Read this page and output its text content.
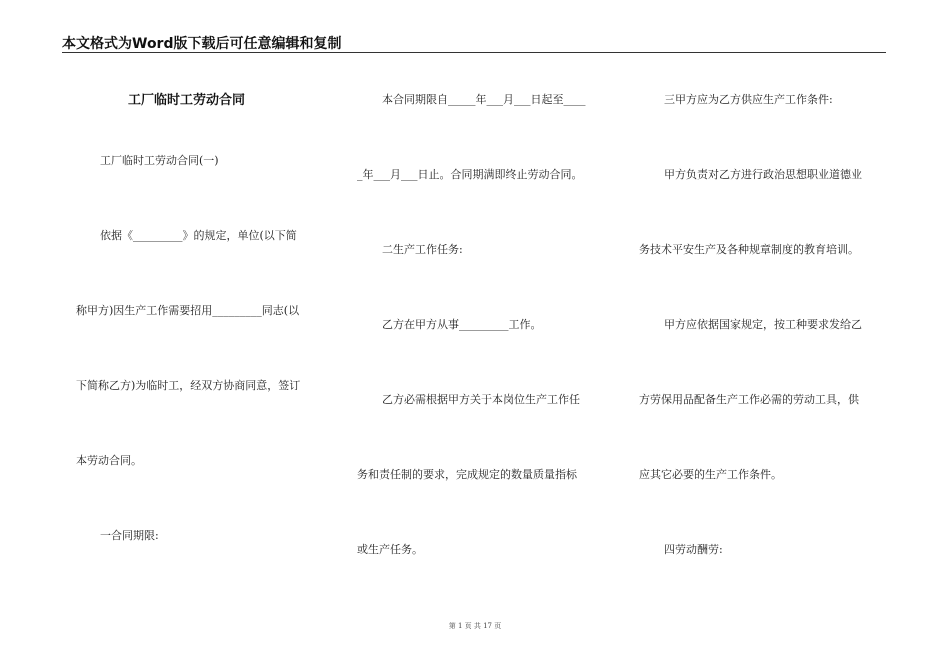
本文格式为Word版下载后可任意编辑和复制
工厂临时工劳动合同
工厂临时工劳动合同(一)
依据《_________》的规定，单位(以下简
称甲方)因生产工作需要招用_________同志(以
下简称乙方)为临时工，经双方协商同意，签订
本劳动合同。
一合同期限:
本合同期限自_____年___月___日起至____
_年___月___日止。合同期满即终止劳动合同。
二生产工作任务:
乙方在甲方从事_________工作。
乙方必需根据甲方关于本岗位生产工作任
务和责任制的要求，完成规定的数量质量指标
或生产任务。
三甲方应为乙方供应生产工作条件:
甲方负责对乙方进行政治思想职业道德业
务技术平安生产及各种规章制度的教育培训。
甲方应依据国家规定，按工种要求发给乙
方劳保用品配备生产工作必需的劳动工具，供
应其它必要的生产工作条件。
四劳动酬劳:
第 1 页 共 17 页
